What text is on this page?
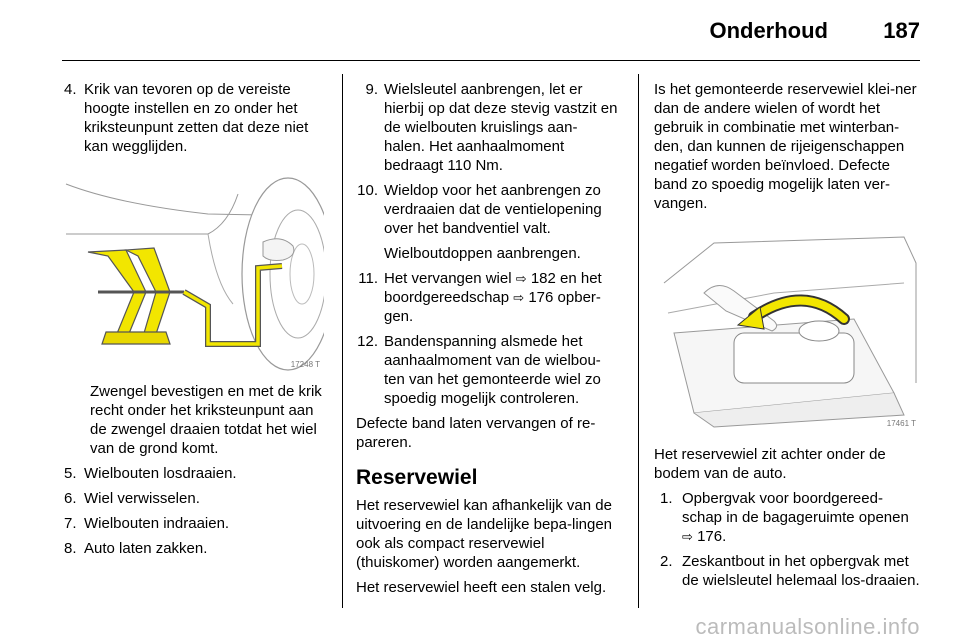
Onderhoud	187
4. Krik van tevoren op de vereiste hoogte instellen en zo onder het kriksteunpunt zetten dat deze niet kan wegglijden.
17248 T

Zwengel bevestigen en met de krik recht onder het kriksteunpunt aan de zwengel draaien totdat het wiel van de grond komt.

5. Wielbouten losdraaien.
6. Wiel verwisselen.
7. Wielbouten indraaien.
8. Auto laten zakken.
9. Wielsleutel aanbrengen, let er hierbij op dat deze stevig vastzit en de wielbouten kruislings aan-halen. Het aanhaalmoment bedraagt 110 Nm.
10. Wieldop voor het aanbrengen zo verdraaien dat de ventielopening over het bandventiel valt.

Wielboutdoppen aanbrengen.

11. Het vervangen wiel ⇨ 182 en het boordgereedschap ⇨ 176 opber-gen.
12. Bandenspanning alsmede het aanhaalmoment van de wielbou-ten van het gemonteerde wiel zo spoedig mogelijk controleren.

Defecte band laten vervangen of re-pareren.

Reservewiel

Het reservewiel kan afhankelijk van de uitvoering en de landelijke bepa-lingen ook als compact reservewiel (thuiskomer) worden aangemerkt.

Het reservewiel heeft een stalen velg.

Is het gemonteerde reservewiel klei-ner dan de andere wielen of wordt het gebruik in combinatie met winterban-den, dan kunnen de rijeigenschappen negatief worden beïnvloed. Defecte band zo spoedig mogelijk laten ver-vangen.

17461 T

Het reservewiel zit achter onder de bodem van de auto.

1. Opbergvak voor boordgereed-schap in de bagageruimte openen ⇨ 176.
2. Zeskantbout in het opbergvak met de wielsleutel helemaal los-draaien.
carmanualsonline.info
